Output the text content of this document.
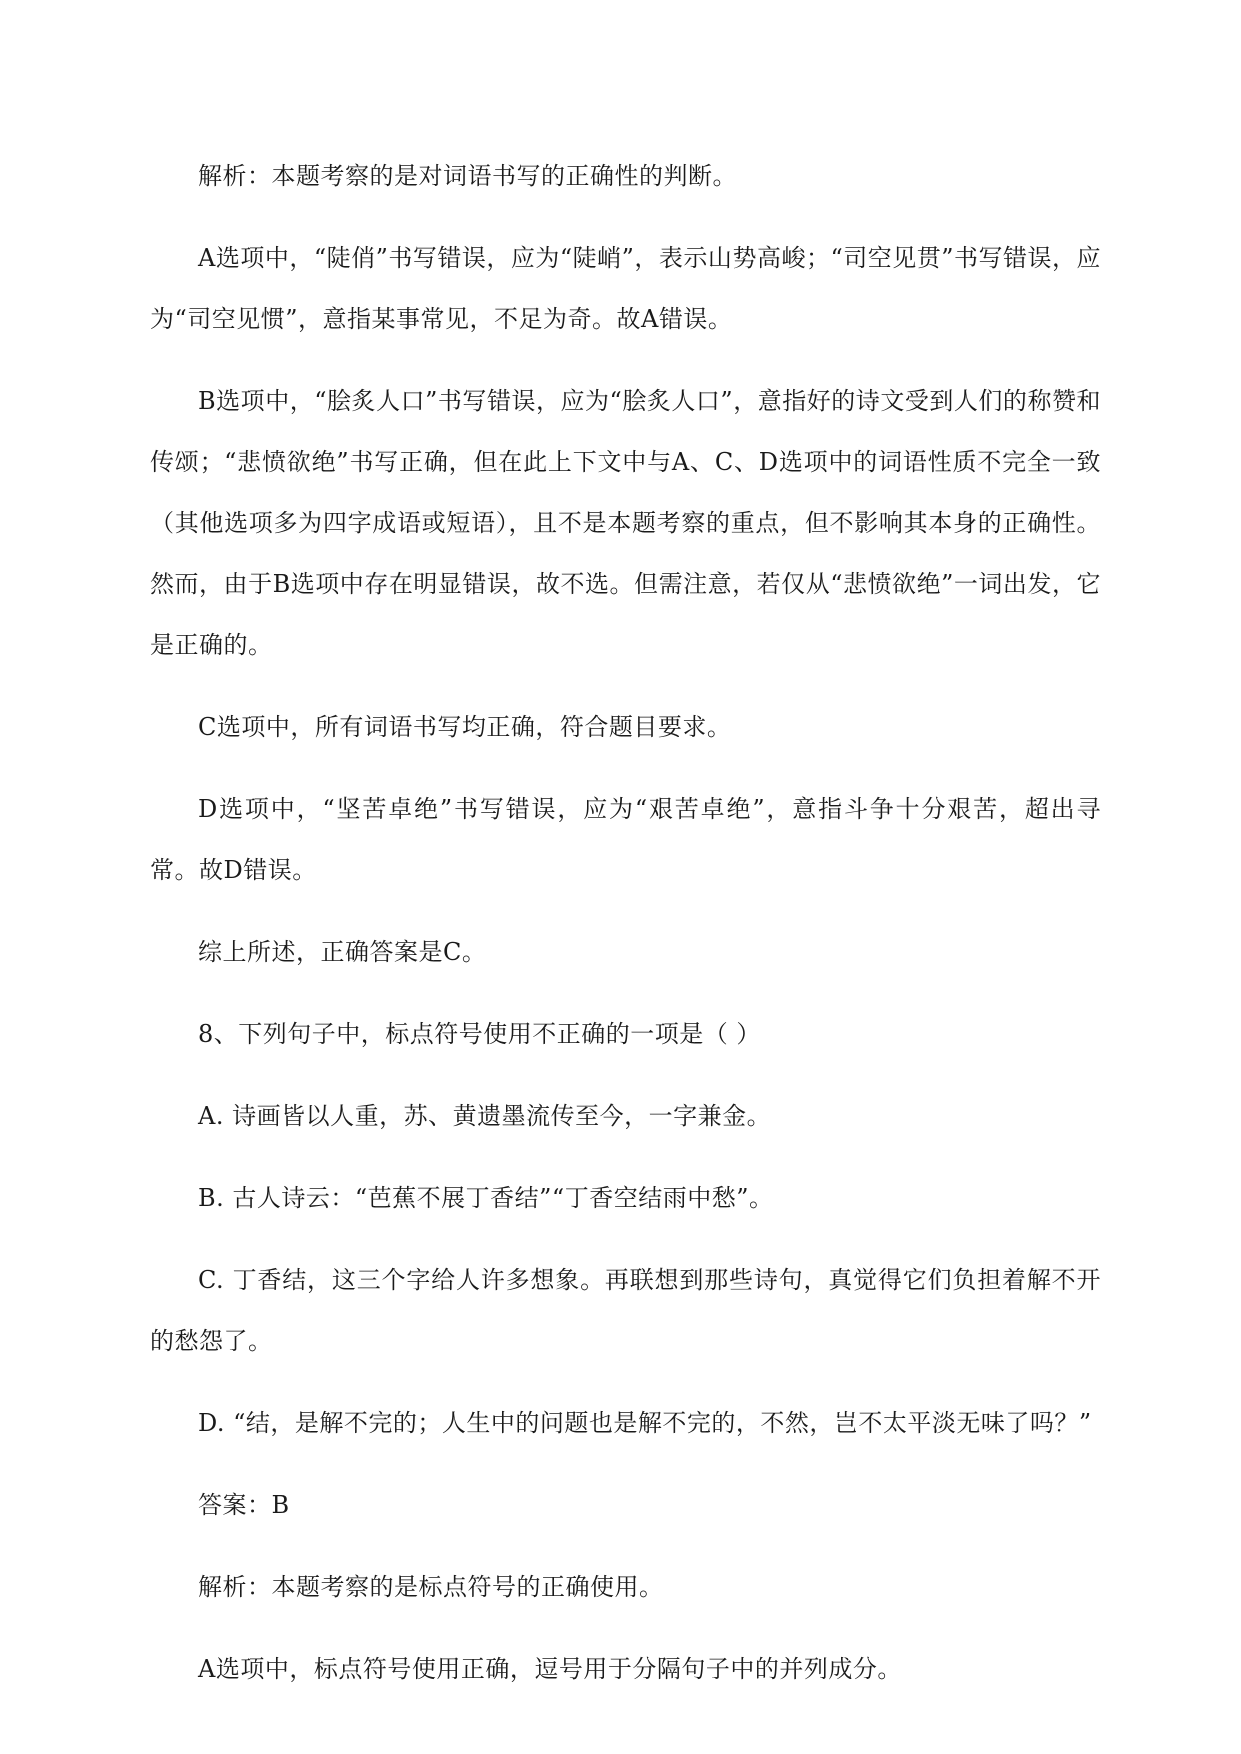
解析：本题考察的是对词语书写的正确性的判断。

A选项中，“陡俏”书写错误，应为“陡峭”，表示山势高峻；“司空见贯”书写错误，应为“司空见惯”，意指某事常见，不足为奇。故A错误。

B选项中，“脍炙人口”书写错误，应为“脍炙人口”，意指好的诗文受到人们的称赞和传颂；“悲愤欲绝”书写正确，但在此上下文中与A、C、D选项中的词语性质不完全一致（其他选项多为四字成语或短语），且不是本题考察的重点，但不影响其本身的正确性。然而，由于B选项中存在明显错误，故不选。但需注意，若仅从“悲愤欲绝”一词出发，它是正确的。

C选项中，所有词语书写均正确，符合题目要求。

D选项中，“坚苦卓绝”书写错误，应为“艰苦卓绝”，意指斗争十分艰苦，超出寻常。故D错误。

综上所述，正确答案是C。

8、下列句子中，标点符号使用不正确的一项是（ ）

A. 诗画皆以人重，苏、黄遗墨流传至今，一字兼金。

B. 古人诗云：“芭蕉不展丁香结”“丁香空结雨中愁”。

C. 丁香结，这三个字给人许多想象。再联想到那些诗句，真觉得它们负担着解不开的愁怨了。

D. “结，是解不完的；人生中的问题也是解不完的，不然，岂不太平淡无味了吗？”

答案：B

解析：本题考察的是标点符号的正确使用。

A选项中，标点符号使用正确，逗号用于分隔句子中的并列成分。
